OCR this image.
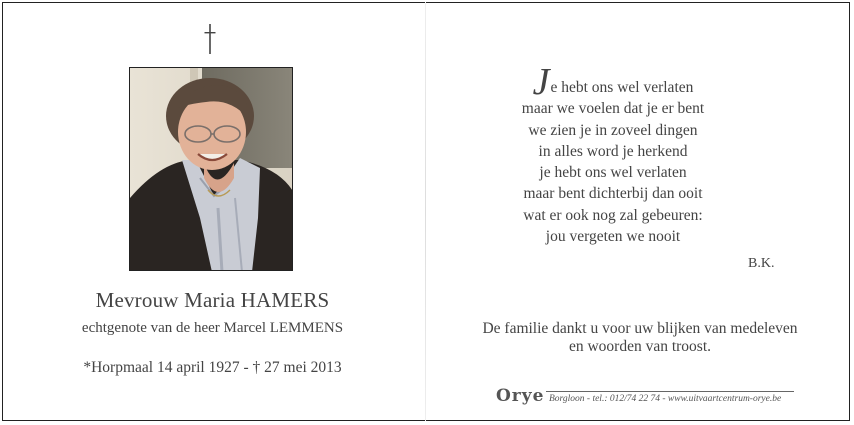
Mevrouw Maria HAMERS
echtgenote van de heer Marcel LEMMENS
*Horpmaal 14 april 1927 - † 27 mei 2013
Je hebt ons wel verlaten
maar we voelen dat je er bent
we zien je in zoveel dingen
in alles word je herkend
je hebt ons wel verlaten
maar bent dichterbij dan ooit
wat er ook nog zal gebeuren:
jou vergeten we nooit
B.K.
De familie dankt u voor uw blijken van medeleven
en woorden van troost.
Orye Borgloon - tel.: 012/74 22 74 - www.uitvaartcentrum-orye.be
